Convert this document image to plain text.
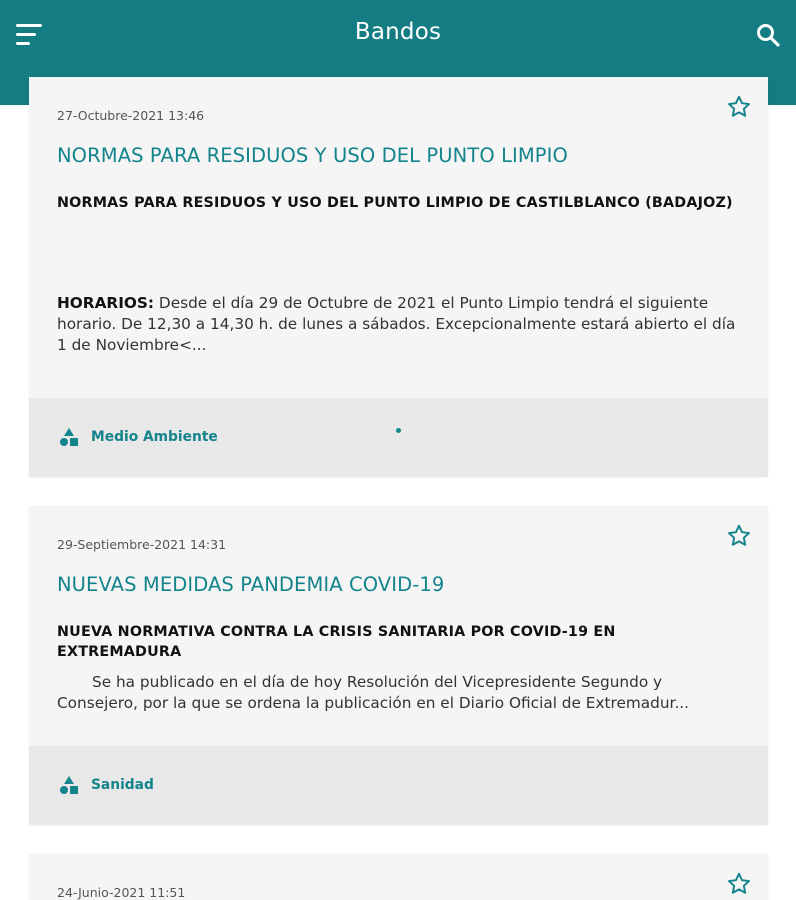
Bandos
27-Octubre-2021 13:46
NORMAS PARA RESIDUOS Y USO DEL PUNTO LIMPIO
NORMAS PARA RESIDUOS Y USO DEL PUNTO LIMPIO DE CASTILBLANCO (BADAJOZ)
HORARIOS: Desde el día 29 de Octubre de 2021 el Punto Limpio tendrá el siguiente horario. De 12,30 a 14,30 h. de lunes a sábados. Excepcionalmente estará abierto el día 1 de Noviembre<...
Medio Ambiente
29-Septiembre-2021 14:31
NUEVAS MEDIDAS PANDEMIA COVID-19
NUEVA NORMATIVA CONTRA LA CRISIS SANITARIA POR COVID-19 EN EXTREMADURA
Se ha publicado en el día de hoy Resolución del Vicepresidente Segundo y Consejero, por la que se ordena la publicación en el Diario Oficial de Extremadur...
Sanidad
24-Junio-2021 11:51
